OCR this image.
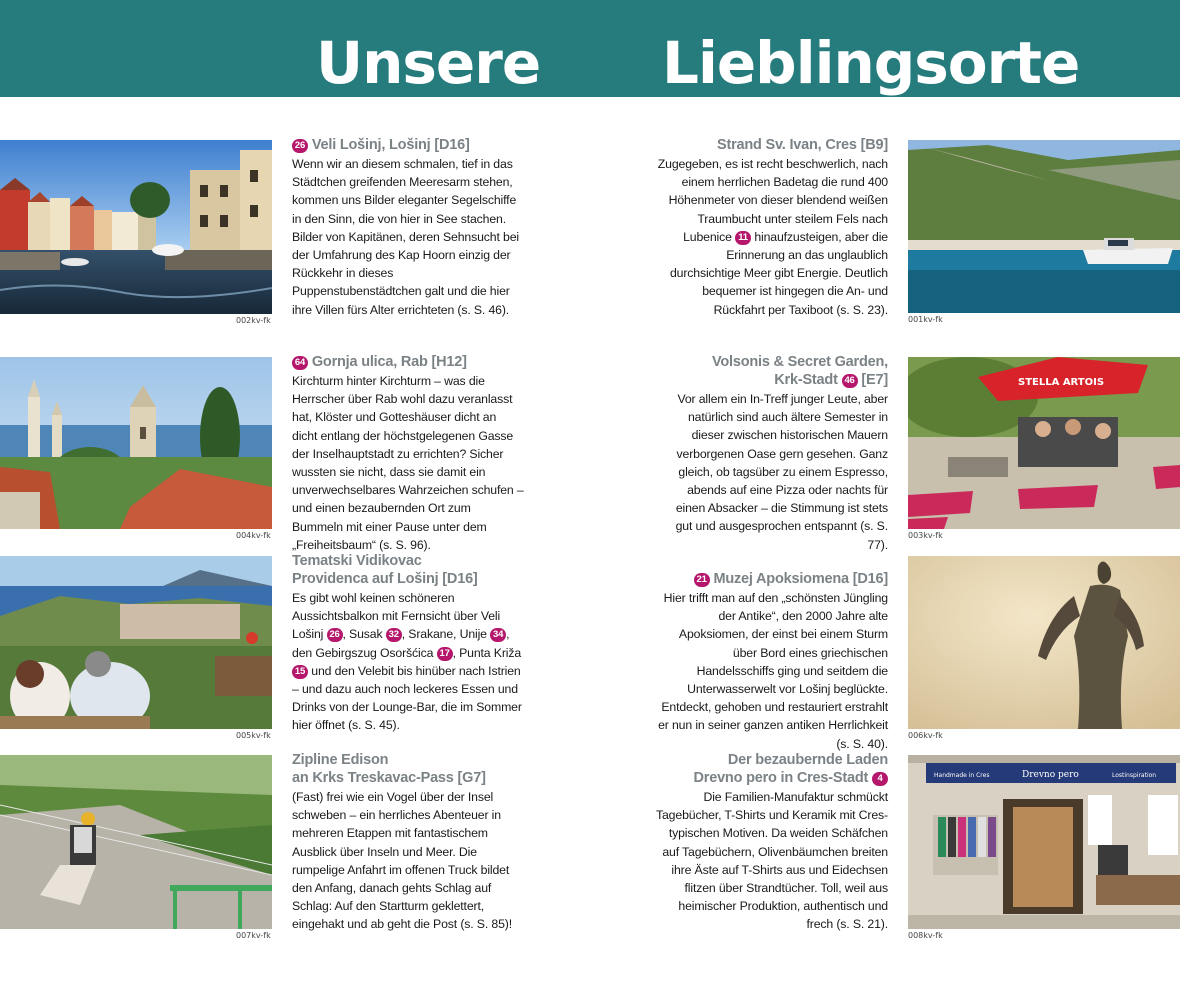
Unsere Lieblingsorte
002kv-fk
26 Veli Lošinj, Lošinj [D16]

Wenn wir an diesem schmalen, tief in das Städtchen greifenden Meeresarm stehen, kommen uns Bilder eleganter Segelschiffe in den Sinn, die von hier in See stachen. Bilder von Kapitänen, deren Sehnsucht bei der Umfahrung des Kap Hoorn einzig der Rückkehr in dieses Puppenstubenstädtchen galt und die hier ihre Villen fürs Alter errichteten (s. S. 46).

004kv-fk
64 Gornja ulica, Rab [H12]

Kirchturm hinter Kirchturm – was die Herrscher über Rab wohl dazu veranlasst hat, Klöster und Gotteshäuser dicht an dicht entlang der höchstgelegenen Gasse der Inselhauptstadt zu errichten? Sicher wussten sie nicht, dass sie damit ein unverwechselbares Wahrzeichen schufen – und einen bezaubernden Ort zum Bummeln mit einer Pause unter dem „Freiheitsbaum“ (s. S. 96).

005kv-fk
Tematski Vidikovac
Providenca auf Lošinj [D16]

Es gibt wohl keinen schöneren Aussichtsbalkon mit Fernsicht über Veli Lošinj 26 , Susak 32 , Srakane, Unije 34 , den Gebirgszug Osoršćica 17 , Punta Križa 15 und den Velebit bis hinüber nach Istrien – und dazu auch noch leckeres Essen und Drinks von der Lounge-Bar, die im Sommer hier öffnet (s. S. 45).

007kv-fk
Zipline Edison
an Krks Treskavac-Pass [G7]

(Fast) frei wie ein Vogel über der Insel schweben – ein herrliches Abenteuer in mehreren Etappen mit fantastischem Ausblick über Inseln und Meer. Die rumpelige Anfahrt im offenen Truck bildet den Anfang, danach gehts Schlag auf Schlag: Auf den Startturm geklettert, eingehakt und ab geht die Post (s. S. 85)!

001kv-fk
Strand Sv. Ivan, Cres [B9]

Zugegeben, es ist recht beschwerlich, nach einem herrlichen Badetag die rund 400 Höhenmeter von dieser blendend weißen Traumbucht unter steilem Fels nach Lubenice 11 hinaufzusteigen, aber die Erinnerung an das unglaublich durchsichtige Meer gibt Energie. Deutlich bequemer ist hingegen die An- und Rückfahrt per Taxiboot (s. S. 23).

STELLA ARTOIS
003kv-fk
Volsonis & Secret Garden,
Krk-Stadt 46 [E7]

Vor allem ein In-Treff junger Leute, aber natürlich sind auch ältere Semester in dieser zwischen historischen Mauern verborgenen Oase gern gesehen. Ganz gleich, ob tagsüber zu einem Espresso, abends auf eine Pizza oder nachts für einen Absacker – die Stimmung ist stets gut und ausgesprochen entspannt (s. S. 77).

006kv-fk
21 Muzej Apoksiomena [D16]

Hier trifft man auf den „schönsten Jüngling der Antike“, den 2000 Jahre alte Apoksiomen, der einst bei einem Sturm über Bord eines griechischen Handelsschiffs ging und seitdem die Unterwasserwelt vor Lošinj beglückte. Entdeckt, gehoben und restauriert erstrahlt er nun in seiner ganzen antiken Herrlichkeit (s. S. 40).

Handmade in Cres	Drevno pero	Lostinspiration
008kv-fk
Der bezaubernde Laden
Drevno pero in Cres-Stadt 4

Die Familien-Manufaktur schmückt Tagebücher, T-Shirts und Keramik mit Cres-typischen Motiven. Da weiden Schäfchen auf Tagebüchern, Olivenbäumchen breiten ihre Äste auf T-Shirts aus und Eidechsen flitzen über Strandtücher. Toll, weil aus heimischer Produktion, authentisch und frech (s. S. 21).
